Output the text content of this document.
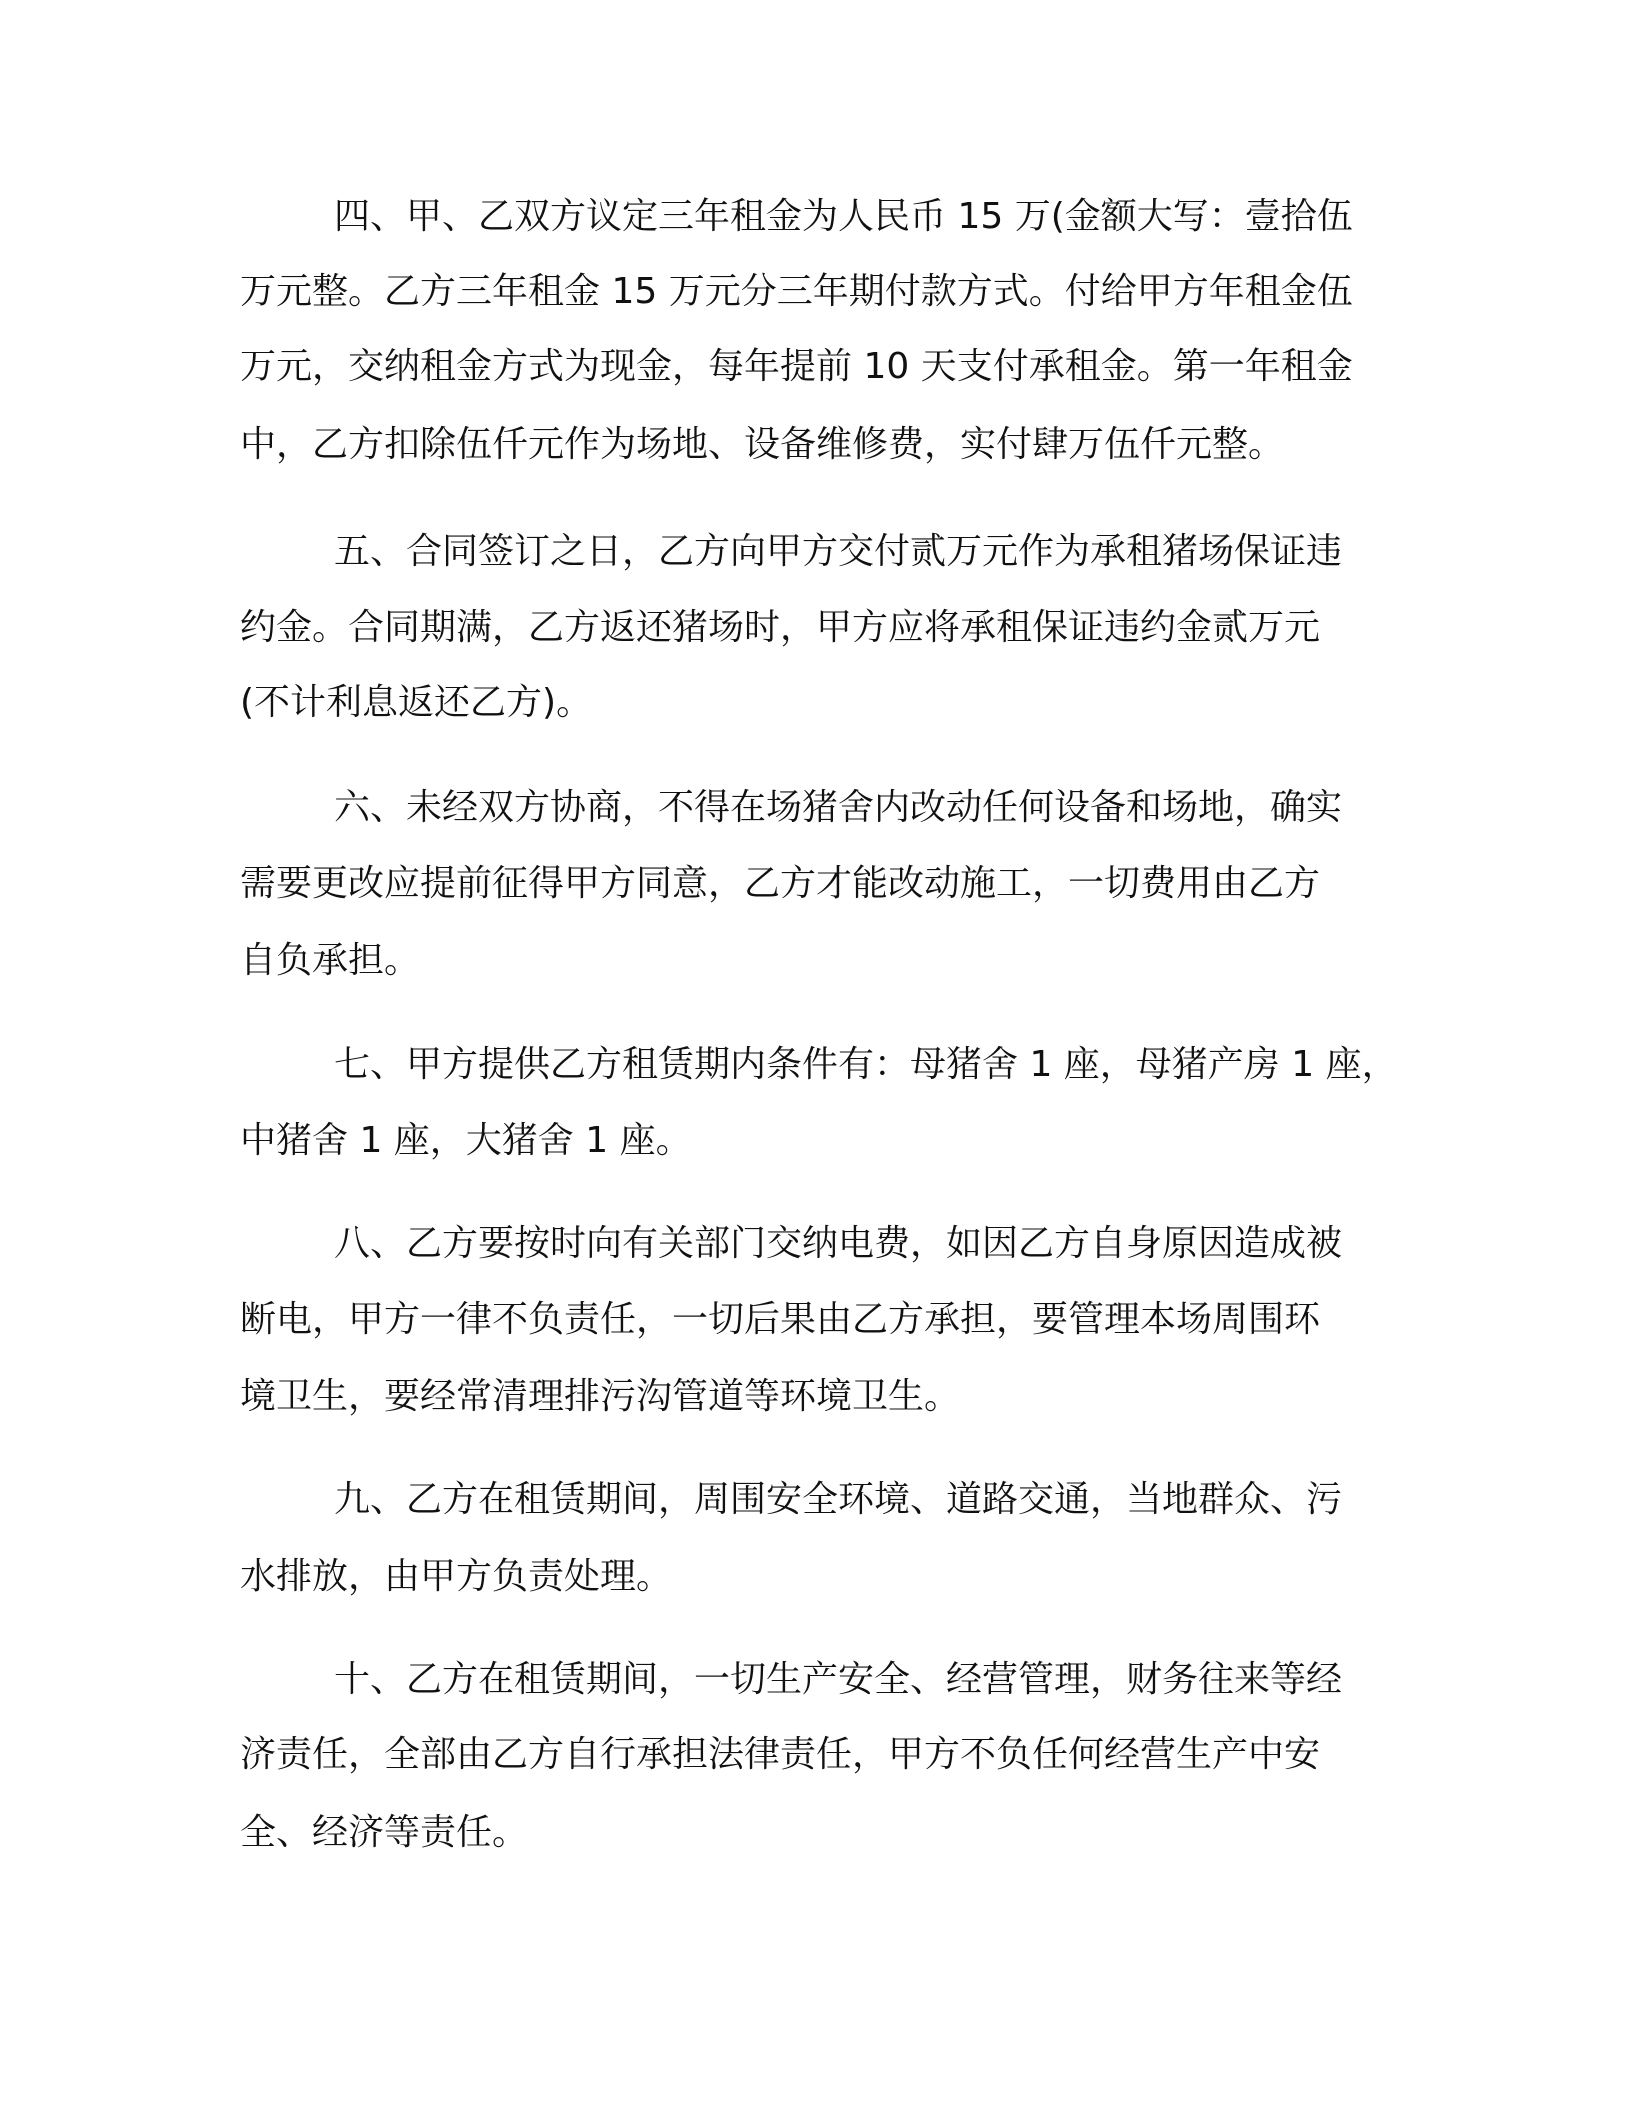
四、甲、乙双方议定三年租金为人民币 15 万(金额大写：壹拾伍
万元整。乙方三年租金 15 万元分三年期付款方式。付给甲方年租金伍
万元，交纳租金方式为现金，每年提前 10 天支付承租金。第一年租金
中，乙方扣除伍仟元作为场地、设备维修费，实付肆万伍仟元整。
五、合同签订之日，乙方向甲方交付贰万元作为承租猪场保证违
约金。合同期满，乙方返还猪场时，甲方应将承租保证违约金贰万元
(不计利息返还乙方)。
六、未经双方协商，不得在场猪舍内改动任何设备和场地，确实
需要更改应提前征得甲方同意，乙方才能改动施工，一切费用由乙方
自负承担。
七、甲方提供乙方租赁期内条件有：母猪舍 1 座，母猪产房 1 座，
中猪舍 1 座，大猪舍 1 座。
八、乙方要按时向有关部门交纳电费，如因乙方自身原因造成被
断电，甲方一律不负责任，一切后果由乙方承担，要管理本场周围环
境卫生，要经常清理排污沟管道等环境卫生。
九、乙方在租赁期间，周围安全环境、道路交通，当地群众、污
水排放，由甲方负责处理。
十、乙方在租赁期间，一切生产安全、经营管理，财务往来等经
济责任，全部由乙方自行承担法律责任，甲方不负任何经营生产中安
全、经济等责任。
